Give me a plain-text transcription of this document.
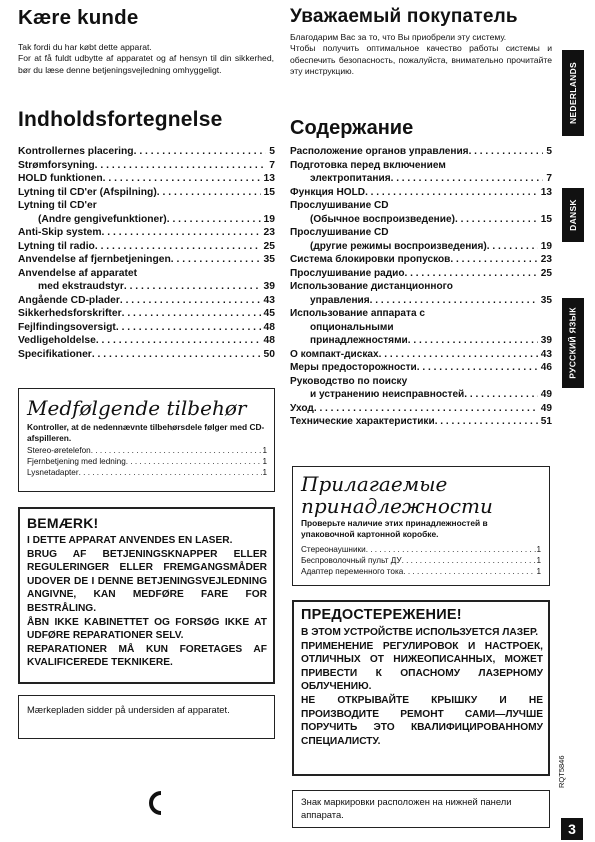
Kære kunde

Tak fordi du har købt dette apparat.

For at få fuldt udbytte af apparatet og af hensyn til din sikkerhed, bør du læse denne betjeningsvejledning omhyggeligt.

Indholdsfortegnelse
Kontrollernes placering . . .	5
Strømforsyning . . .	7
HOLD funktionen . . .	13
Lytning til CD'er (Afspilning) . . .	15
Lytning til CD'er
(Andre gengivefunktioner) . . .	19
Anti-Skip system . . .	23
Lytning til radio . . .	25
Anvendelse af fjernbetjeningen . . .	35
Anvendelse af apparatet
med ekstraudstyr . . .	39
Angående CD-plader . . .	43
Sikkerhedsforskrifter . . .	45
Fejlfindingsoversigt . . .	48
Vedligeholdelse . . .	48
Specifikationer . . .	50
Medfølgende tilbehør
Kontroller, at de nedennævnte tilbehørsdele følger med CD-afspilleren.
Stereo-øretelefon . . .	1
Fjernbetjening med ledning . . .	1
Lysnetadapter . . .	1
BEMÆRK!
I DETTE APPARAT ANVENDES EN LASER.
BRUG AF BETJENINGSKNAPPER ELLER REGULERINGER ELLER FREMGANGSMÅDER UDOVER DE I DENNE BETJENINGSVEJLEDNING ANGIVNE, KAN MEDFØRE FARE FOR BESTRÅLING.
ÅBN IKKE KABINETTET OG FORSØG IKKE AT UDFØRE REPARATIONER SELV.
REPARATIONER MÅ KUN FORETAGES AF KVALIFICEREDE TEKNIKERE.
Mærkepladen sidder på undersiden af apparatet.
Уважаемый покупатель

Благодарим Вас за то, что Вы приобрели эту систему.

Чтобы получить оптимальное качество работы системы и обеспечить безопасность, пожалуйста, внимательно прочитайте эту инструкцию.

Содержание
Расположение органов управления . . .	5
Подготовка перед включением
электропитания . . .	7
Функция HOLD . . .	13
Прослушивание CD
(Обычное воспроизведение) . . .	15
Прослушивание CD
(другие режимы воспроизведения) . . .	19
Система блокировки пропусков . . .	23
Прослушивание радио . . .	25
Использование дистанционного
управления . . .	35
Использование аппарата с
опциональными
принадлежностями . . .	39
О компакт-дисках . . .	43
Меры предосторожности . . .	46
Руководство по поиску
и устранению неисправностей . . .	49
Уход . . .	49
Технические характеристики . . .	51
Прилагаемые
принадлежности
Проверьте наличие этих принадлежностей в упаковочной картонной коробке.
Стереонаушники . . .	1
Беспроволочный пульт ДУ . . .	1
Адаптер переменного тока . . .	1
ПРЕДОСТЕРЕЖЕНИЕ!
В ЭТОМ УСТРОЙСТВЕ ИСПОЛЬЗУЕТСЯ ЛАЗЕР.
ПРИМЕНЕНИЕ РЕГУЛИРОВОК И НАСТРОЕК, ОТЛИЧНЫХ ОТ НИЖЕОПИСАННЫХ, МОЖЕТ ПРИВЕСТИ К ОПАСНОМУ ЛАЗЕРНОМУ ОБЛУЧЕНИЮ.
НЕ ОТКРЫВАЙТЕ КРЫШКУ И НЕ ПРОИЗВОДИТЕ РЕМОНТ САМИ—ЛУЧШЕ ПОРУЧИТЬ ЭТО КВАЛИФИЦИРОВАННОМУ СПЕЦИАЛИСТУ.
Знак маркировки расположен на нижней панели аппарата.
NEDERLANDS
DANSK
РУССКИЙ ЯЗЫК
RQT5846
3
